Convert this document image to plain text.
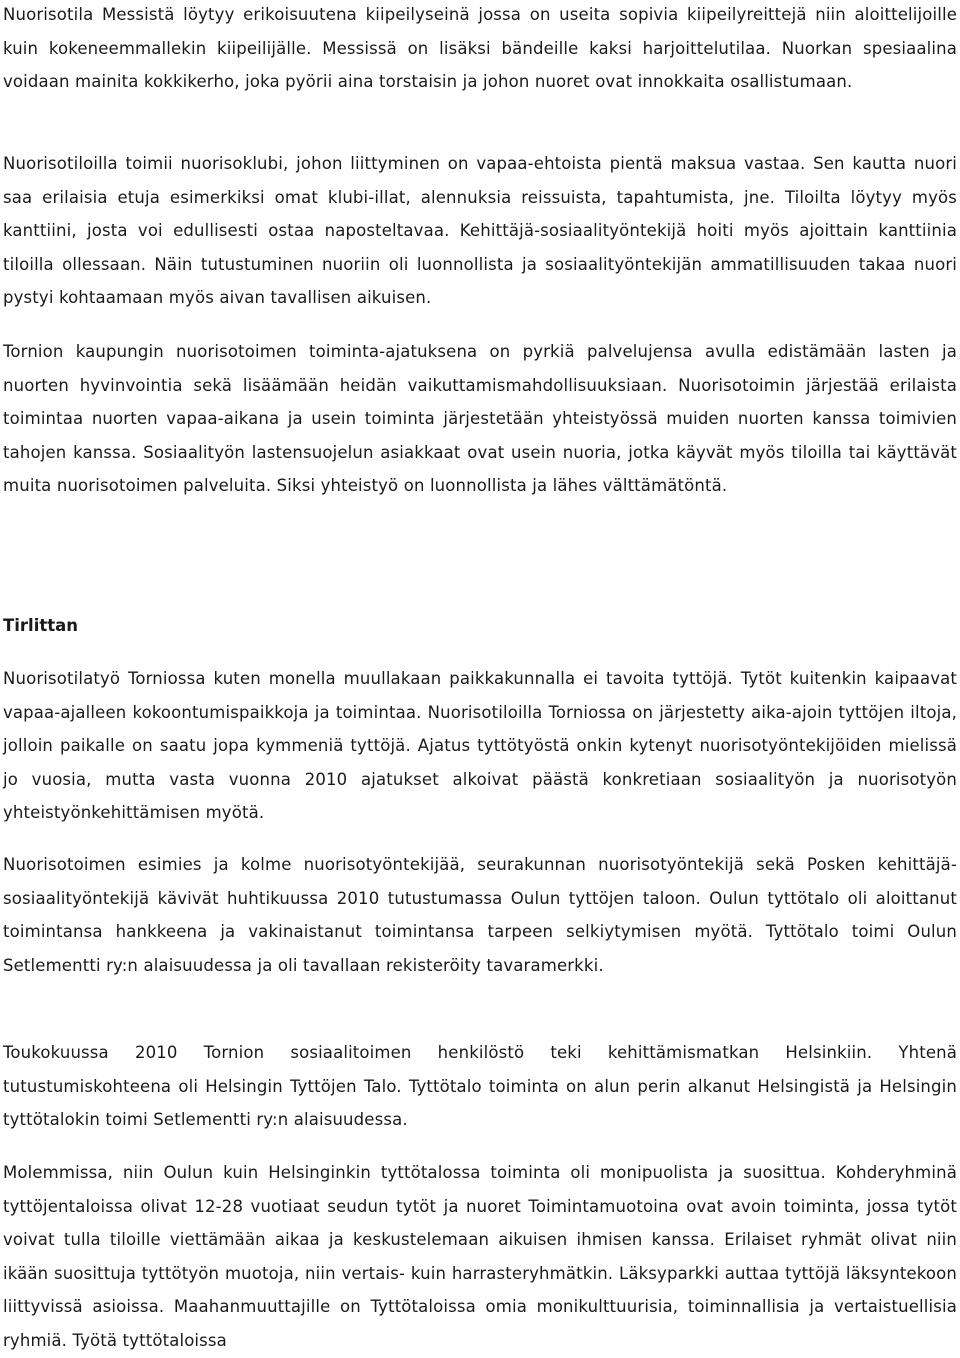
Nuorisotila Messistä löytyy erikoisuutena kiipeilyseinä jossa on useita sopivia kiipeilyreittejä niin aloittelijoille kuin kokeneemmallekin kiipeilijälle. Messissä on lisäksi bändeille kaksi harjoittelutilaa. Nuorkan spesiaalina voidaan mainita kokkikerho, joka pyörii aina torstaisin ja johon nuoret ovat innokkaita osallistumaan.

Nuorisotiloilla toimii nuorisoklubi, johon liittyminen on vapaa-ehtoista pientä maksua vastaa. Sen kautta nuori saa erilaisia etuja esimerkiksi omat klubi-illat, alennuksia reissuista, tapahtumista, jne. Tiloilta löytyy myös kanttiini, josta voi edullisesti ostaa naposteltavaa. Kehittäjä-sosiaalityöntekijä hoiti myös ajoittain kanttiinia tiloilla ollessaan. Näin tutustuminen nuoriin oli luonnollista ja sosiaalityöntekijän ammatillisuuden takaa nuori pystyi kohtaamaan myös aivan tavallisen aikuisen.

Tornion kaupungin nuorisotoimen toiminta-ajatuksena on pyrkiä palvelujensa avulla edistämään lasten ja nuorten hyvinvointia sekä lisäämään heidän vaikuttamismahdollisuuksiaan. Nuorisotoimin järjestää erilaista toimintaa nuorten vapaa-aikana ja usein toiminta järjestetään yhteistyössä muiden nuorten kanssa toimivien tahojen kanssa. Sosiaalityön lastensuojelun asiakkaat ovat usein nuoria, jotka käyvät myös tiloilla tai käyttävät muita nuorisotoimen palveluita. Siksi yhteistyö on luonnollista ja lähes välttämätöntä.

Tirlittan

Nuorisotilatyö Torniossa kuten monella muullakaan paikkakunnalla ei tavoita tyttöjä. Tytöt kuitenkin kaipaavat vapaa-ajalleen kokoontumispaikkoja ja toimintaa. Nuorisotiloilla Torniossa on järjestetty aika-ajoin tyttöjen iltoja, jolloin paikalle on saatu jopa kymmeniä tyttöjä. Ajatus tyttötyöstä onkin kytenyt nuorisotyöntekijöiden mielissä jo vuosia, mutta vasta vuonna 2010 ajatukset alkoivat päästä konkretiaan sosiaalityön ja nuorisotyön yhteistyönkehittämisen myötä.

Nuorisotoimen esimies ja kolme nuorisotyöntekijää, seurakunnan nuorisotyöntekijä sekä Posken kehittäjä-sosiaalityöntekijä kävivät huhtikuussa 2010 tutustumassa Oulun tyttöjen taloon. Oulun tyttötalo oli aloittanut toimintansa hankkeena ja vakinaistanut toimintansa tarpeen selkiytymisen myötä. Tyttötalo toimi Oulun Setlementti ry:n alaisuudessa ja oli tavallaan rekisteröity tavaramerkki.

Toukokuussa 2010 Tornion sosiaalitoimen henkilöstö teki kehittämismatkan Helsinkiin. Yhtenä tutustumiskohteena oli Helsingin Tyttöjen Talo. Tyttötalo toiminta on alun perin alkanut Helsingistä ja Helsingin tyttötalokin toimi Setlementti ry:n alaisuudessa.

Molemmissa, niin Oulun kuin Helsinginkin tyttötalossa toiminta oli monipuolista ja suosittua. Kohderyhminä tyttöjentaloissa olivat 12-28 vuotiaat seudun tytöt ja nuoret Toimintamuotoina ovat avoin toiminta, jossa tytöt voivat tulla tiloille viettämään aikaa ja keskustelemaan aikuisen ihmisen kanssa. Erilaiset ryhmät olivat niin ikään suosittuja tyttötyön muotoja, niin vertais- kuin harrasteryhmätkin. Läksyparkki auttaa tyttöjä läksyntekoon liittyvissä asioissa. Maahanmuuttajille on Tyttötaloissa omia monikulttuurisia, toiminnallisia ja vertaistuellisia ryhmiä. Työtä tyttötaloissa
